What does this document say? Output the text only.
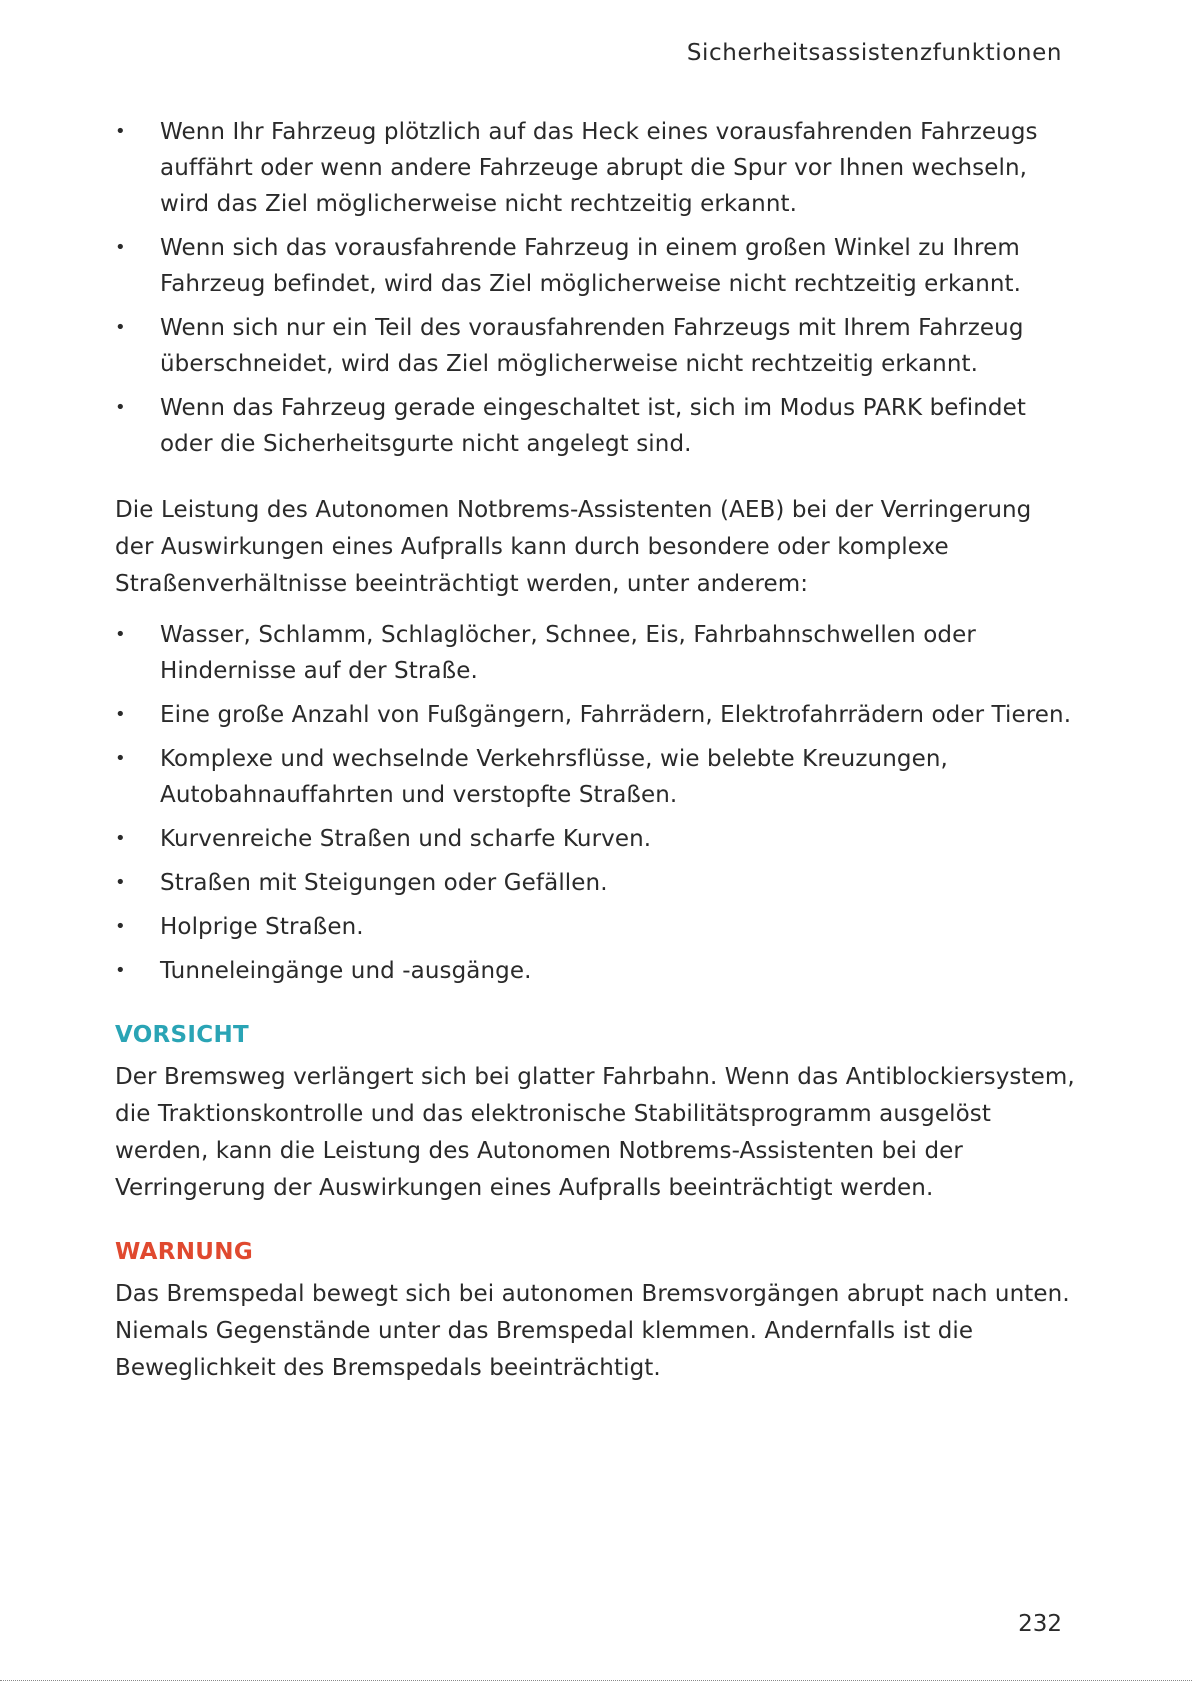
Sicherheitsassistenzfunktionen
• Wenn Ihr Fahrzeug plötzlich auf das Heck eines vorausfahrenden Fahrzeugs auffährt oder wenn andere Fahrzeuge abrupt die Spur vor Ihnen wechseln, wird das Ziel möglicherweise nicht rechtzeitig erkannt.
• Wenn sich das vorausfahrende Fahrzeug in einem großen Winkel zu Ihrem Fahrzeug befindet, wird das Ziel möglicherweise nicht rechtzeitig erkannt.
• Wenn sich nur ein Teil des vorausfahrenden Fahrzeugs mit Ihrem Fahrzeug überschneidet, wird das Ziel möglicherweise nicht rechtzeitig erkannt.
• Wenn das Fahrzeug gerade eingeschaltet ist, sich im Modus PARK befindet oder die Sicherheitsgurte nicht angelegt sind.

Die Leistung des Autonomen Notbrems-Assistenten (AEB) bei der Verringerung der Auswirkungen eines Aufpralls kann durch besondere oder komplexe Straßenverhältnisse beeinträchtigt werden, unter anderem:

• Wasser, Schlamm, Schlaglöcher, Schnee, Eis, Fahrbahnschwellen oder Hindernisse auf der Straße.
• Eine große Anzahl von Fußgängern, Fahrrädern, Elektrofahrrädern oder Tieren.
• Komplexe und wechselnde Verkehrsflüsse, wie belebte Kreuzungen, Autobahnauffahrten und verstopfte Straßen.
• Kurvenreiche Straßen und scharfe Kurven.
• Straßen mit Steigungen oder Gefällen.
• Holprige Straßen.
• Tunneleingänge und -ausgänge.
VORSICHT

Der Bremsweg verlängert sich bei glatter Fahrbahn. Wenn das Antiblockiersystem, die Traktionskontrolle und das elektronische Stabilitätsprogramm ausgelöst werden, kann die Leistung des Autonomen Notbrems-Assistenten bei der Verringerung der Auswirkungen eines Aufpralls beeinträchtigt werden.

WARNUNG

Das Bremspedal bewegt sich bei autonomen Bremsvorgängen abrupt nach unten. Niemals Gegenstände unter das Bremspedal klemmen. Andernfalls ist die Beweglichkeit des Bremspedals beeinträchtigt.

232
